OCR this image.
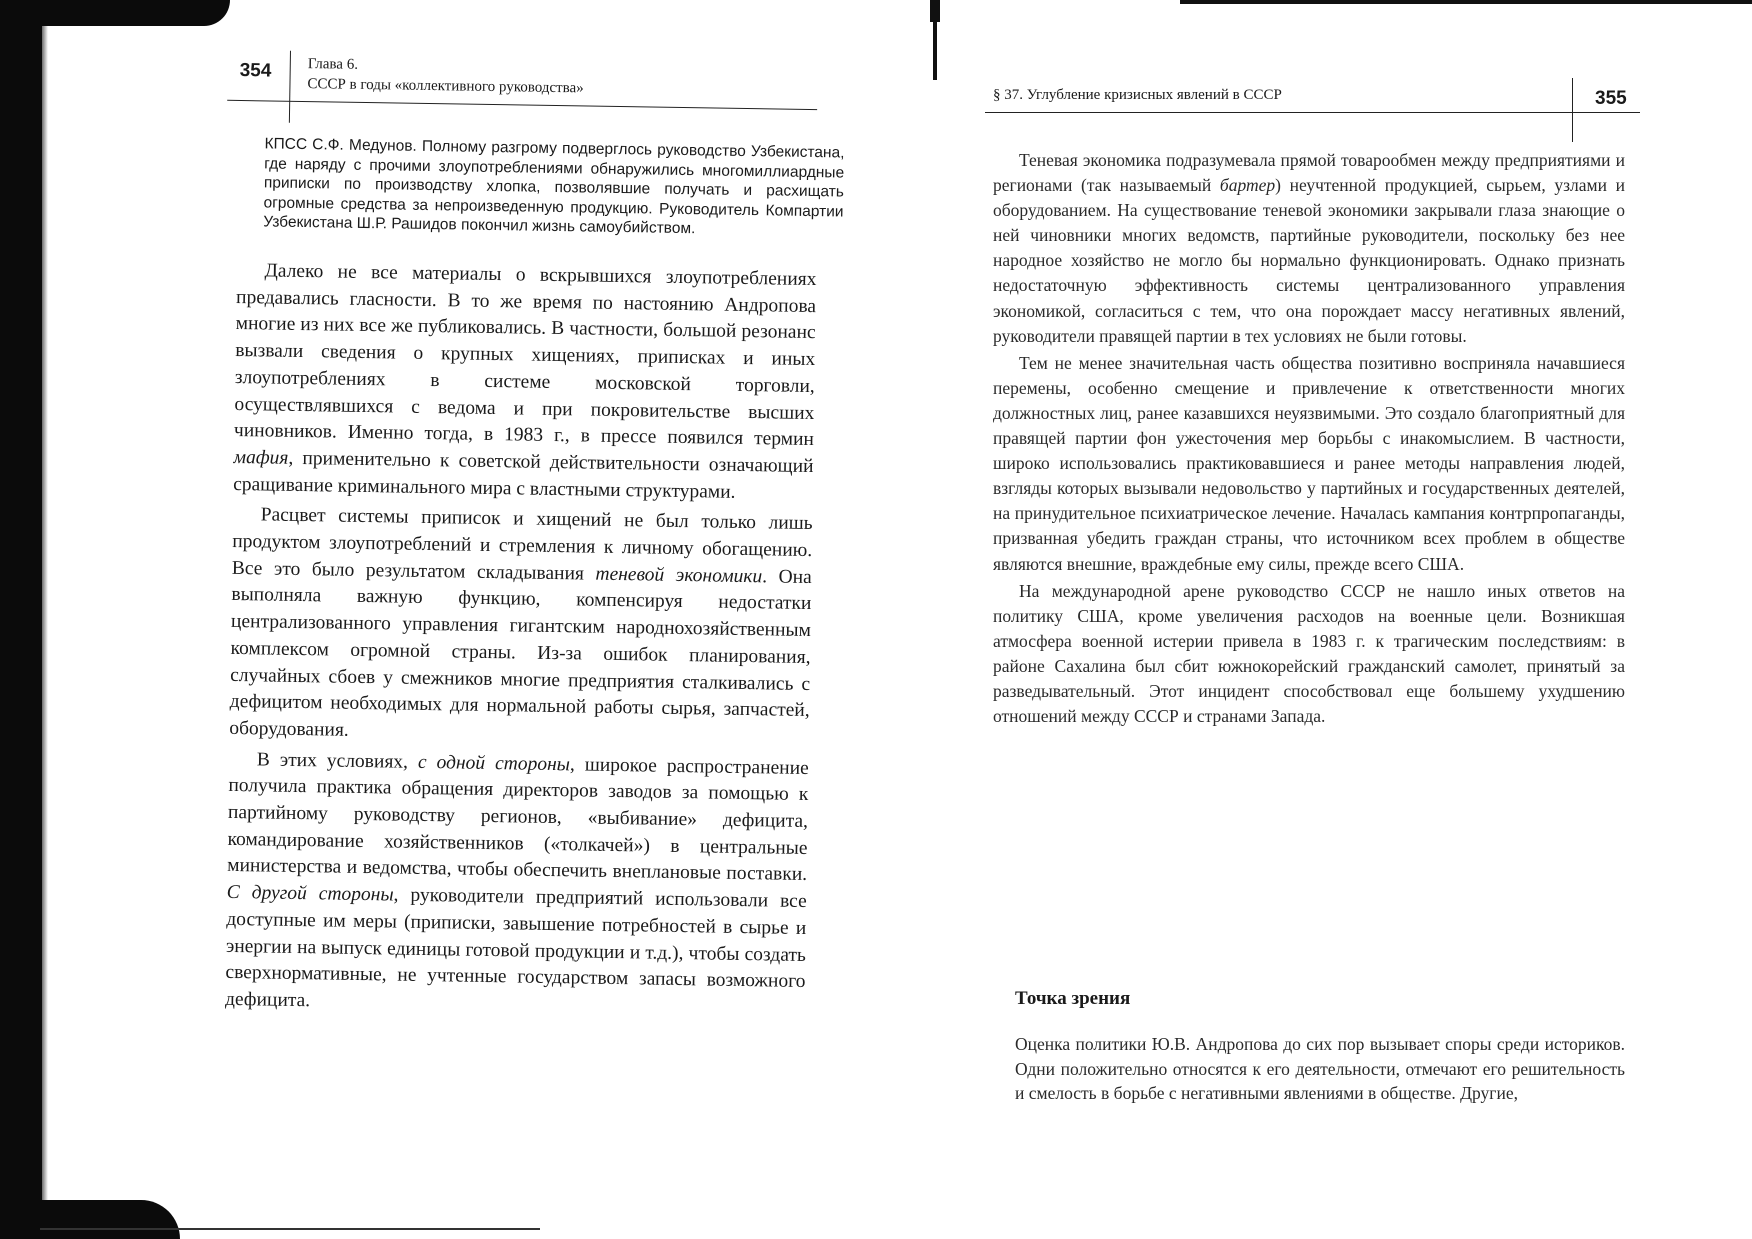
354 Глава 6.
СССР в годы «коллективного руководства»
КПСС С.Ф. Медунов. Полному разгрому подверглось руководство Узбекистана, где наряду с прочими злоупотреблениями обнаружились многомиллиардные приписки по производству хлопка, позволявшие получать и расхищать огромные средства за непроизведенную продукцию. Руководитель Компартии Узбекистана Ш.Р. Рашидов покончил жизнь самоубийством.

Далеко не все материалы о вскрывшихся злоупотреблениях предавались гласности. В то же время по настоянию Андропова многие из них все же публиковались. В частности, большой резонанс вызвали сведения о крупных хищениях, приписках и иных злоупотреблениях в системе московской торговли, осуществлявшихся с ведома и при покровительстве высших чиновников. Именно тогда, в 1983 г., в прессе появился термин мафия, применительно к советской действительности означающий сращивание криминального мира с властными структурами.

Расцвет системы приписок и хищений не был только лишь продуктом злоупотреблений и стремления к личному обогащению. Все это было результатом складывания теневой экономики. Она выполняла важную функцию, компенсируя недостатки централизованного управления гигантским народнохозяйственным комплексом огромной страны. Из-за ошибок планирования, случайных сбоев у смежников многие предприятия сталкивались с дефицитом необходимых для нормальной работы сырья, запчастей, оборудования.

В этих условиях, с одной стороны, широкое распространение получила практика обращения директоров заводов за помощью к партийному руководству регионов, «выбивание» дефицита, командирование хозяйственников («толкачей») в центральные министерства и ведомства, чтобы обеспечить внеплановые поставки. С другой стороны, руководители предприятий использовали все доступные им меры (приписки, завышение потребностей в сырье и энергии на выпуск единицы готовой продукции и т.д.), чтобы создать сверхнормативные, не учтенные государством запасы возможного дефицита.

§ 37. Углубление кризисных явлений в СССР	355

Теневая экономика подразумевала прямой товарообмен между предприятиями и регионами (так называемый бартер) неучтенной продукцией, сырьем, узлами и оборудованием. На существование теневой экономики закрывали глаза знающие о ней чиновники многих ведомств, партийные руководители, поскольку без нее народное хозяйство не могло бы нормально функционировать. Однако признать недостаточную эффективность системы централизованного управления экономикой, согласиться с тем, что она порождает массу негативных явлений, руководители правящей партии в тех условиях не были готовы.

Тем не менее значительная часть общества позитивно восприняла начавшиеся перемены, особенно смещение и привлечение к ответственности многих должностных лиц, ранее казавшихся неуязвимыми. Это создало благоприятный для правящей партии фон ужесточения мер борьбы с инакомыслием. В частности, широко использовались практиковавшиеся и ранее методы направления людей, взгляды которых вызывали недовольство у партийных и государственных деятелей, на принудительное психиатрическое лечение. Началась кампания контрпропаганды, призванная убедить граждан страны, что источником всех проблем в обществе являются внешние, враждебные ему силы, прежде всего США.

На международной арене руководство СССР не нашло иных ответов на политику США, кроме увеличения расходов на военные цели. Возникшая атмосфера военной истерии привела в 1983 г. к трагическим последствиям: в районе Сахалина был сбит южнокорейский гражданский самолет, принятый за разведывательный. Этот инцидент способствовал еще большему ухудшению отношений между СССР и странами Запада.

Точка зрения

Оценка политики Ю.В. Андропова до сих пор вызывает споры среди историков. Одни положительно относятся к его деятельности, отмечают его решительность и смелость в борьбе с негативными явлениями в обществе. Другие,
